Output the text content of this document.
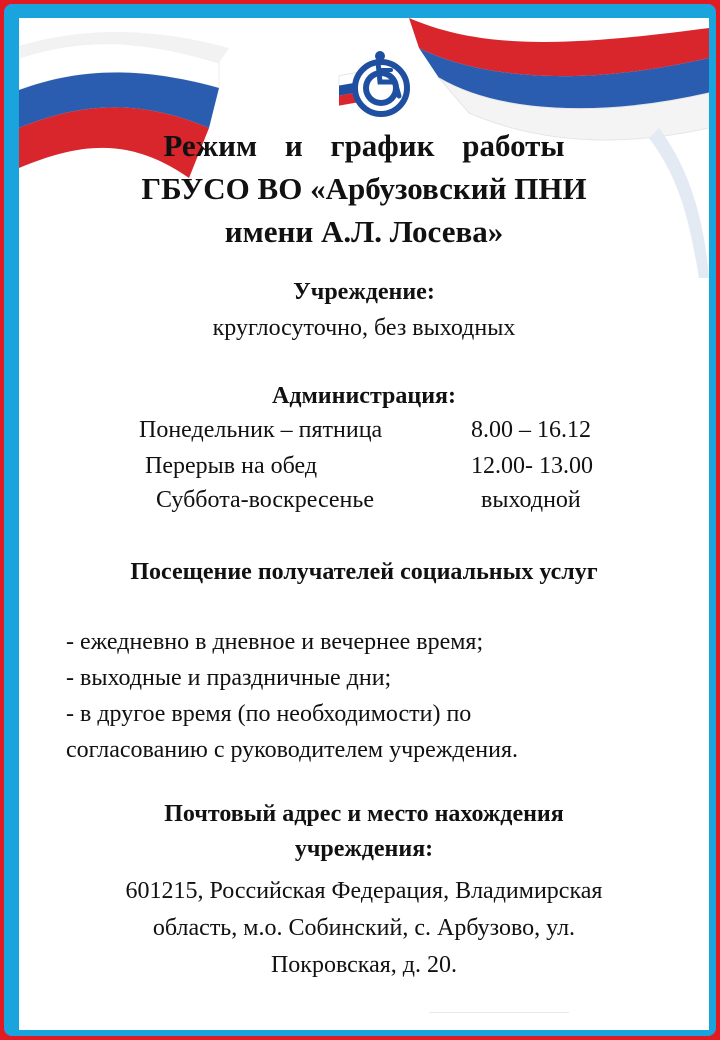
Режим и график работы
ГБУСО ВО «Арбузовский ПНИ
имени А.Л. Лосева»

Учреждение:

круглосуточно, без выходных

Администрация:

Понедельник – пятница	8.00 – 16.12
Перерыв на обед	12.00- 13.00
Суббота-воскресенье	выходной

Посещение получателей социальных услуг

- ежедневно в дневное и вечернее время;
- выходные и праздничные дни;
- в другое время (по необходимости) по
согласованию с руководителем учреждения.

Почтовый адрес и место нахождения

учреждения:

601215, Российская Федерация, Владимирская
область, м.о. Собинский, с. Арбузово, ул.
Покровская, д. 20.
